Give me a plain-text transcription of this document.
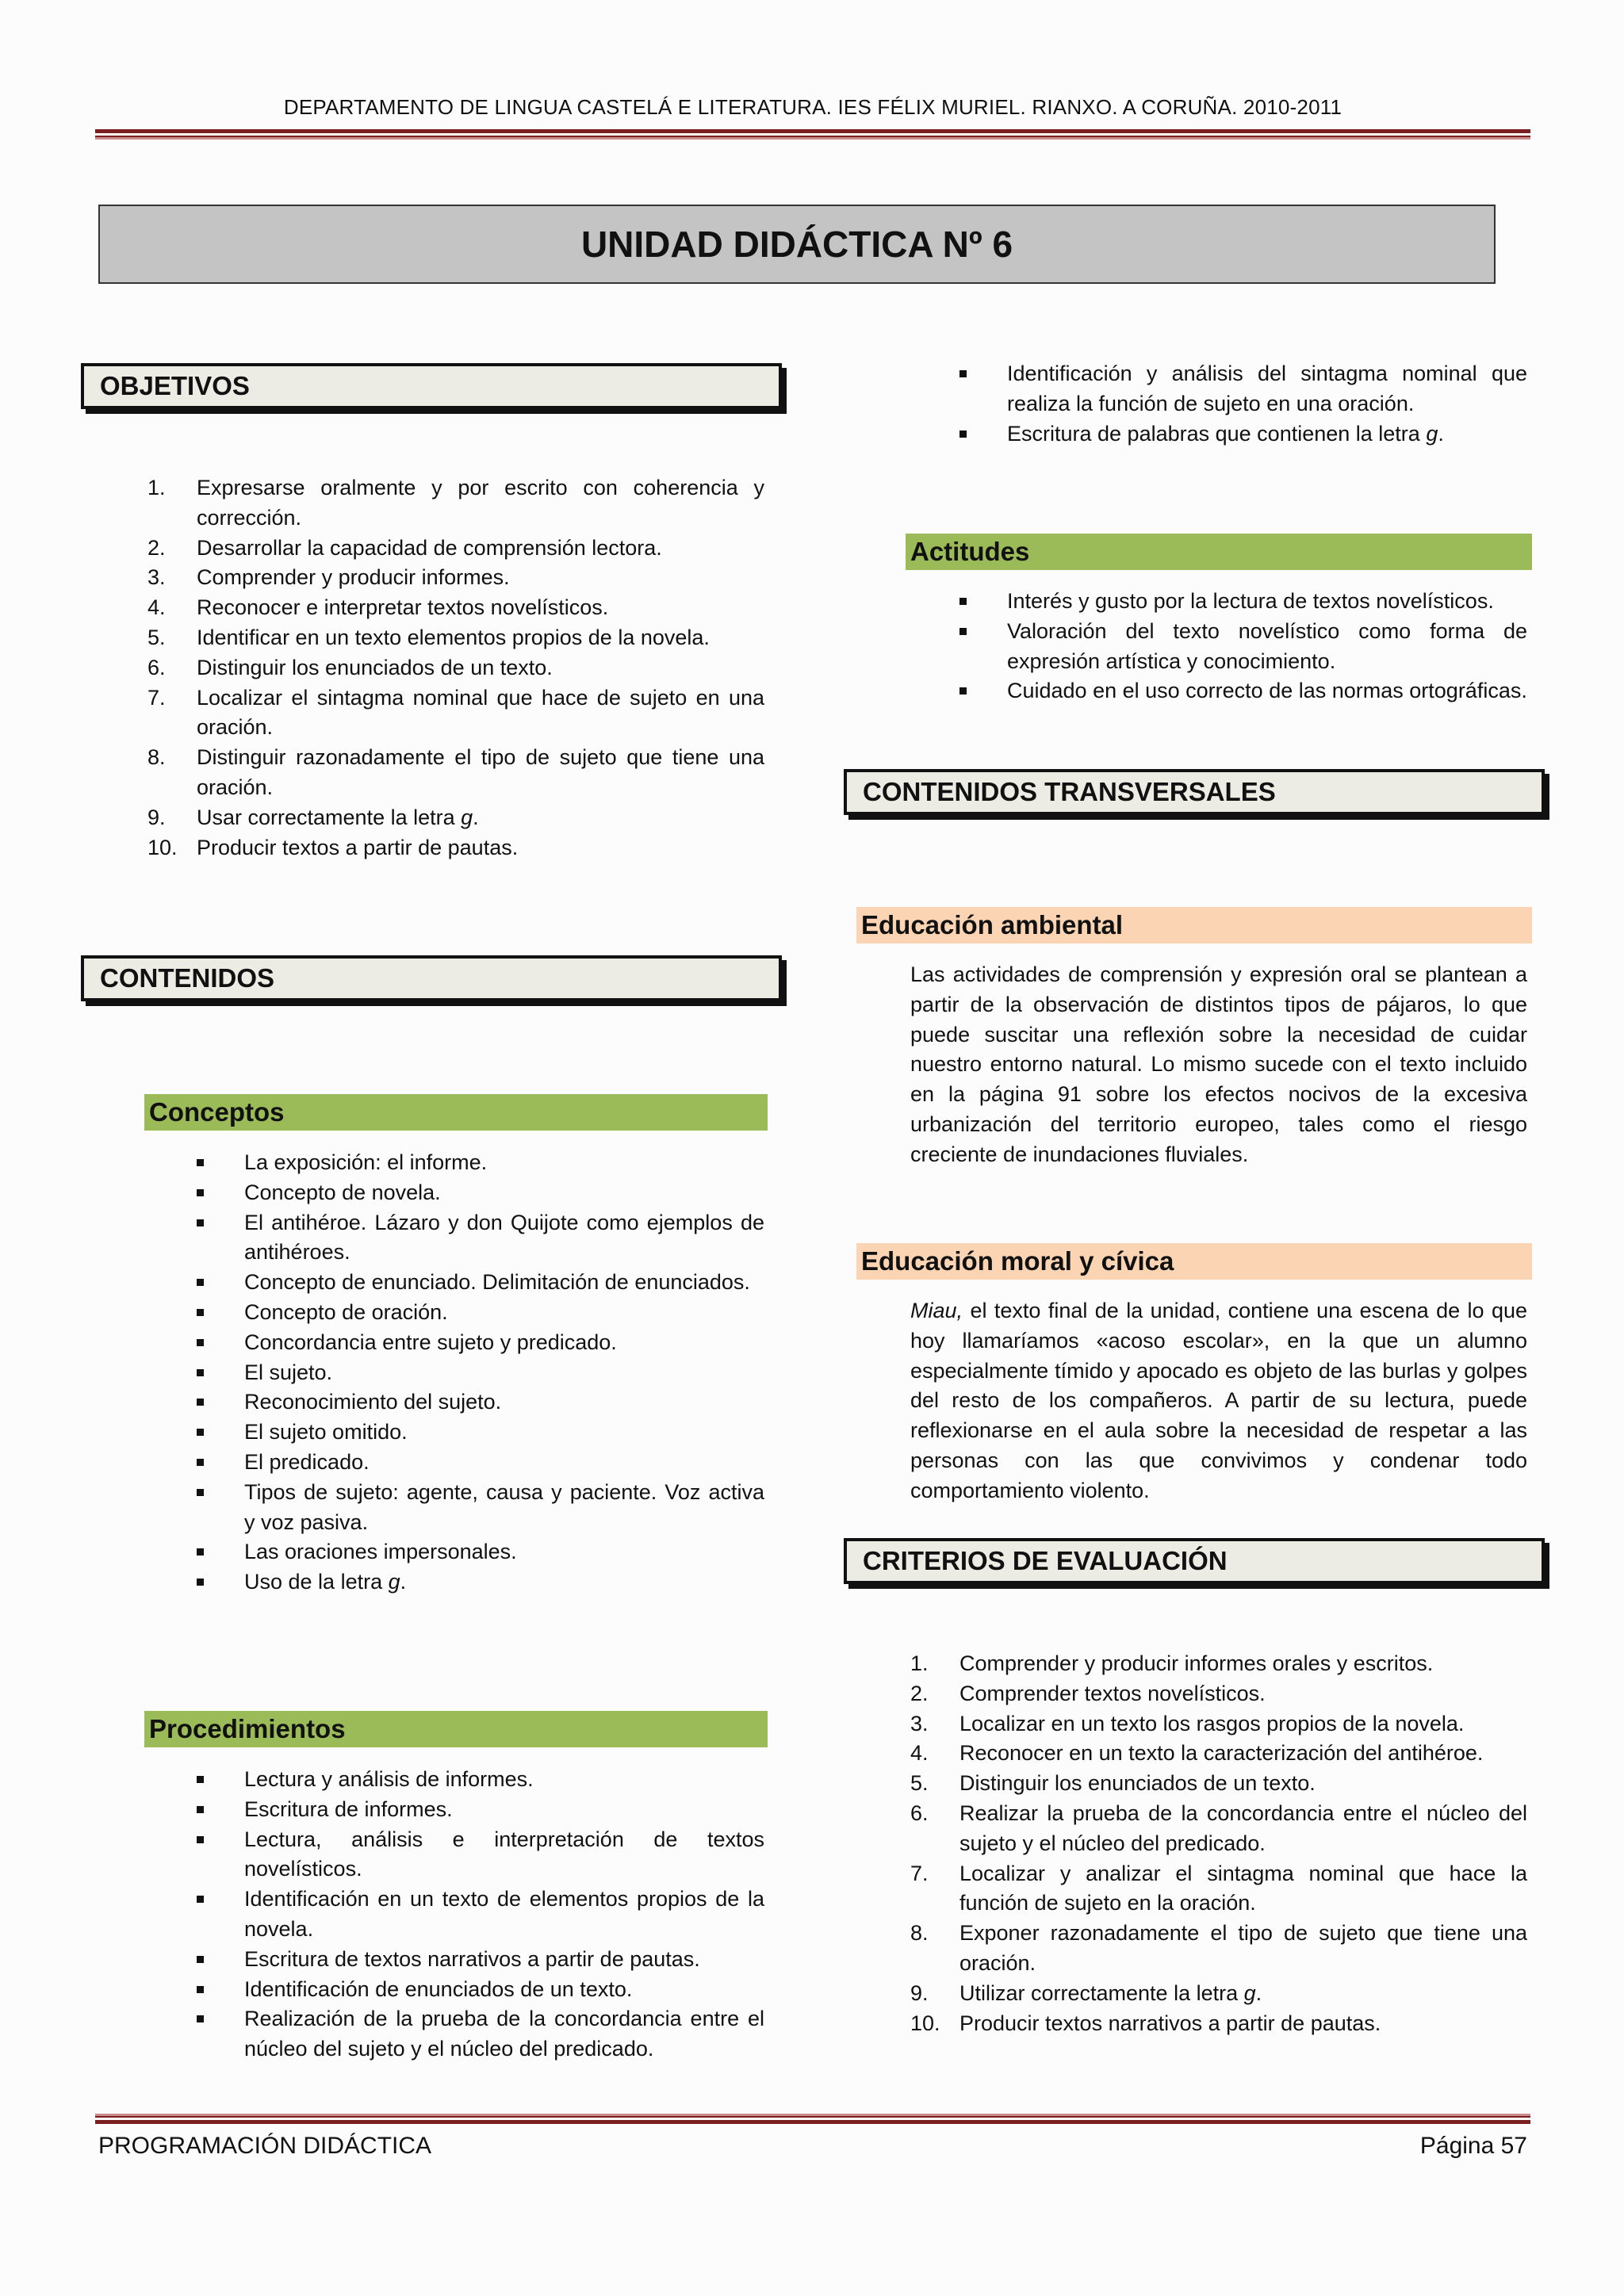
DEPARTAMENTO DE LINGUA CASTELÁ E LITERATURA. IES FÉLIX MURIEL. RIANXO. A CORUÑA. 2010-2011
UNIDAD DIDÁCTICA Nº 6
OBJETIVOS
1.	Expresarse oralmente y por escrito con coherencia y corrección.
2.	Desarrollar la capacidad de comprensión lectora.
3.	Comprender y producir informes.
4.	Reconocer e interpretar textos novelísticos.
5.	Identificar en un texto elementos propios de la novela.
6.	Distinguir los enunciados de un texto.
7.	Localizar el sintagma nominal que hace de sujeto en una oración.
8.	Distinguir razonadamente el tipo de sujeto que tiene una oración.
9.	Usar correctamente la letra g.
10. Producir textos a partir de pautas.
CONTENIDOS
Conceptos
La exposición: el informe.
Concepto de novela.
El antihéroe. Lázaro y don Quijote como ejemplos de antihéroes.
Concepto de enunciado. Delimitación de enunciados.
Concepto de oración.
Concordancia entre sujeto y predicado.
El sujeto.
Reconocimiento del sujeto.
El sujeto omitido.
El predicado.
Tipos de sujeto: agente, causa y paciente. Voz activa y voz pasiva.
Las oraciones impersonales.
Uso de la letra g.
Procedimientos
Lectura y análisis de informes.
Escritura de informes.
Lectura, análisis e interpretación de textos novelísticos.
Identificación en un texto de elementos propios de la novela.
Escritura de textos narrativos a partir de pautas.
Identificación de enunciados de un texto.
Realización de la prueba de la concordancia entre el núcleo del sujeto y el núcleo del predicado.
Identificación y análisis del sintagma nominal que realiza la función de sujeto en una oración.
Escritura de palabras que contienen la letra g.
Actitudes
Interés y gusto por la lectura de textos novelísticos.
Valoración del texto novelístico como forma de expresión artística y conocimiento.
Cuidado en el uso correcto de las normas ortográficas.
CONTENIDOS TRANSVERSALES
Educación ambiental

Las actividades de comprensión y expresión oral se plantean a partir de la observación de distintos tipos de pájaros, lo que puede suscitar una reflexión sobre la necesidad de cuidar nuestro entorno natural. Lo mismo sucede con el texto incluido en la página 91 sobre los efectos nocivos de la excesiva urbanización del territorio europeo, tales como el riesgo creciente de inundaciones fluviales.

Educación moral y cívica

Miau, el texto final de la unidad, contiene una escena de lo que hoy llamaríamos «acoso escolar», en la que un alumno especialmente tímido y apocado es objeto de las burlas y golpes del resto de los compañeros. A partir de su lectura, puede reflexionarse en el aula sobre la necesidad de respetar a las personas con las que convivimos y condenar todo comportamiento violento.

CRITERIOS DE EVALUACIÓN
1.	Comprender y producir informes orales y escritos.
2.	Comprender textos novelísticos.
3.	Localizar en un texto los rasgos propios de la novela.
4.	Reconocer en un texto la caracterización del antihéroe.
5.	Distinguir los enunciados de un texto.
6.	Realizar la prueba de la concordancia entre el núcleo del sujeto y el núcleo del predicado.
7.	Localizar y analizar el sintagma nominal que hace la función de sujeto en la oración.
8.	Exponer razonadamente el tipo de sujeto que tiene una oración.
9.	Utilizar correctamente la letra g.
10. Producir textos narrativos a partir de pautas.
PROGRAMACIÓN DIDÁCTICA	Página 57
